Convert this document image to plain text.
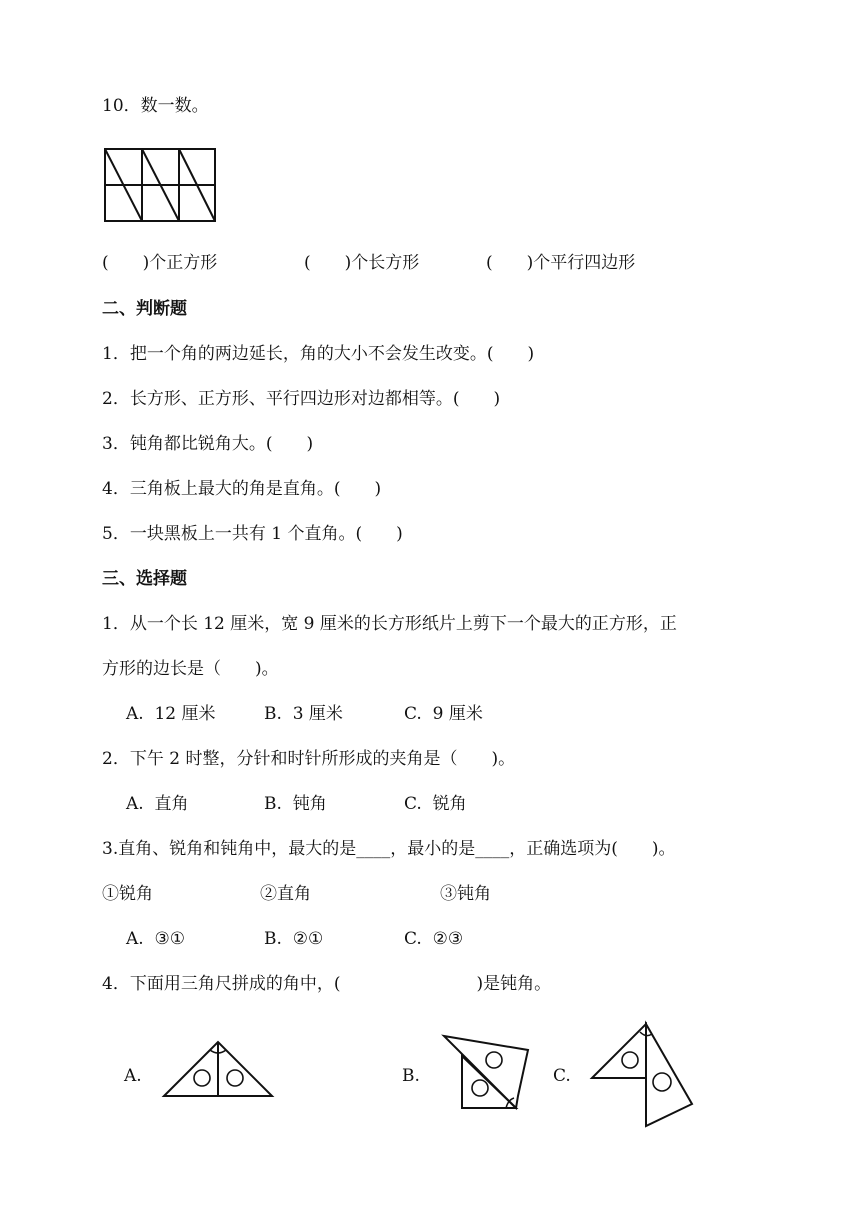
10．数一数。
(　　)个正方形	(　　)个长方形	(　　)个平行四边形
二、判断题
1．把一个角的两边延长，角的大小不会发生改变。(　　)
2．长方形、正方形、平行四边形对边都相等。(　　)
3．钝角都比锐角大。(　　)
4．三角板上最大的角是直角。(　　)
5．一块黑板上一共有 1 个直角。(　　)
三、选择题
1．从一个长 12 厘米，宽 9 厘米的长方形纸片上剪下一个最大的正方形，正
方形的边长是（　　)。
A.  12 厘米	B.  3 厘米	C.  9 厘米
2．下午 2 时整，分针和时针所形成的夹角是（　　)。
A.  直角	B.  钝角	C.  锐角
3.直角、锐角和钝角中，最大的是____，最小的是____，正确选项为(　　)。
①锐角	②直角	③钝角
A.  ③①	B.  ②①	C.  ②③
4．下面用三角尺拼成的角中，(　　　　　　　　)是钝角。
A.	B.	C.
